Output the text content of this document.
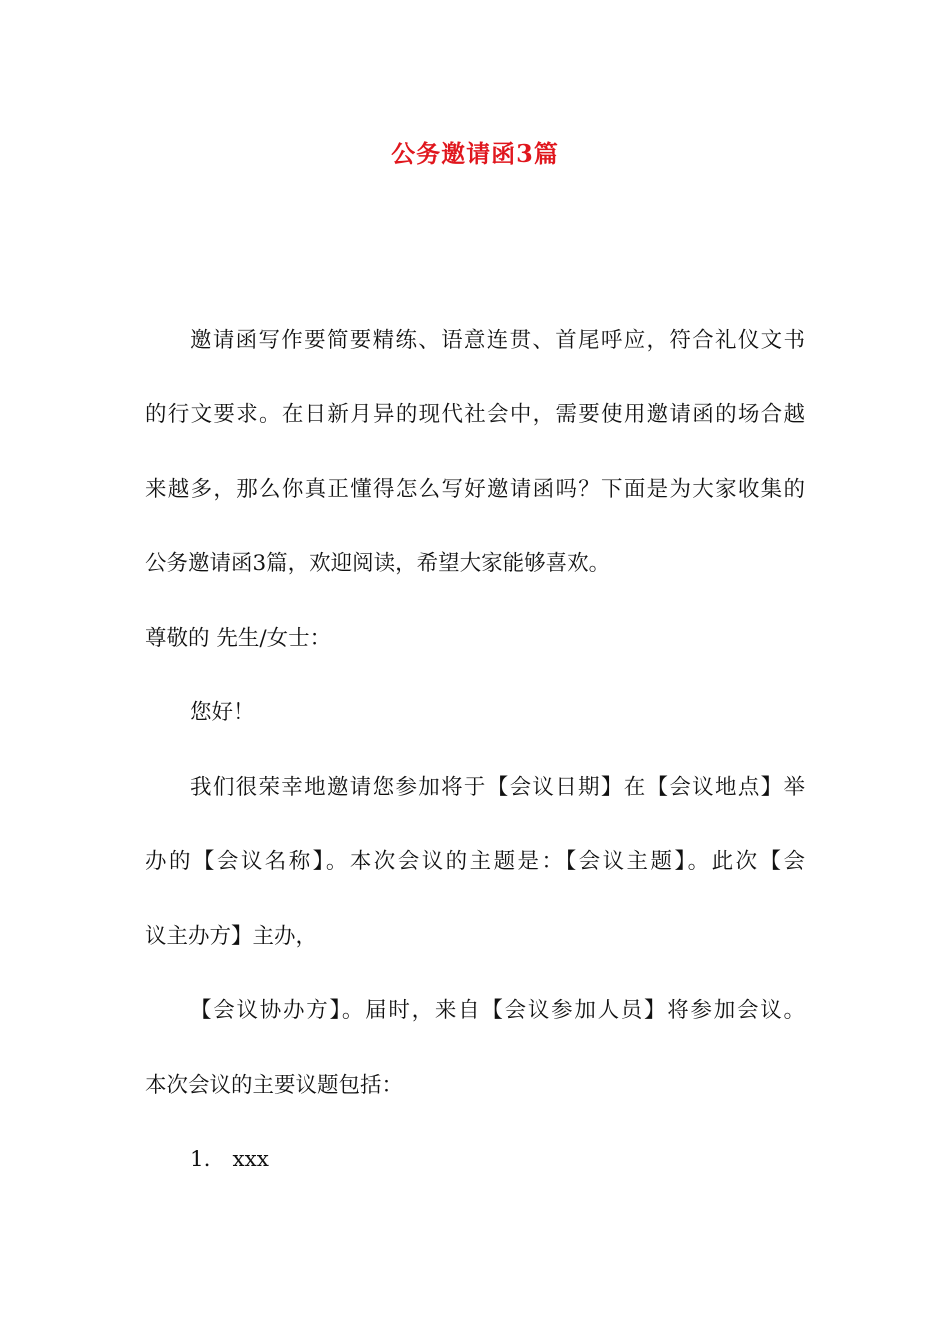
公务邀请函3篇
邀请函写作要简要精练、语意连贯、首尾呼应，符合礼仪文书
的行文要求。在日新月异的现代社会中，需要使用邀请函的场合越
来越多，那么你真正懂得怎么写好邀请函吗？下面是为大家收集的
公务邀请函3篇，欢迎阅读，希望大家能够喜欢。
尊敬的 先生/女士：
您好！
我们很荣幸地邀请您参加将于【会议日期】在【会议地点】举
办的【会议名称】。本次会议的主题是：【会议主题】。此次【会
议主办方】主办，
【会议协办方】。届时，来自【会议参加人员】将参加会议。
本次会议的主要议题包括：
1. xxx
